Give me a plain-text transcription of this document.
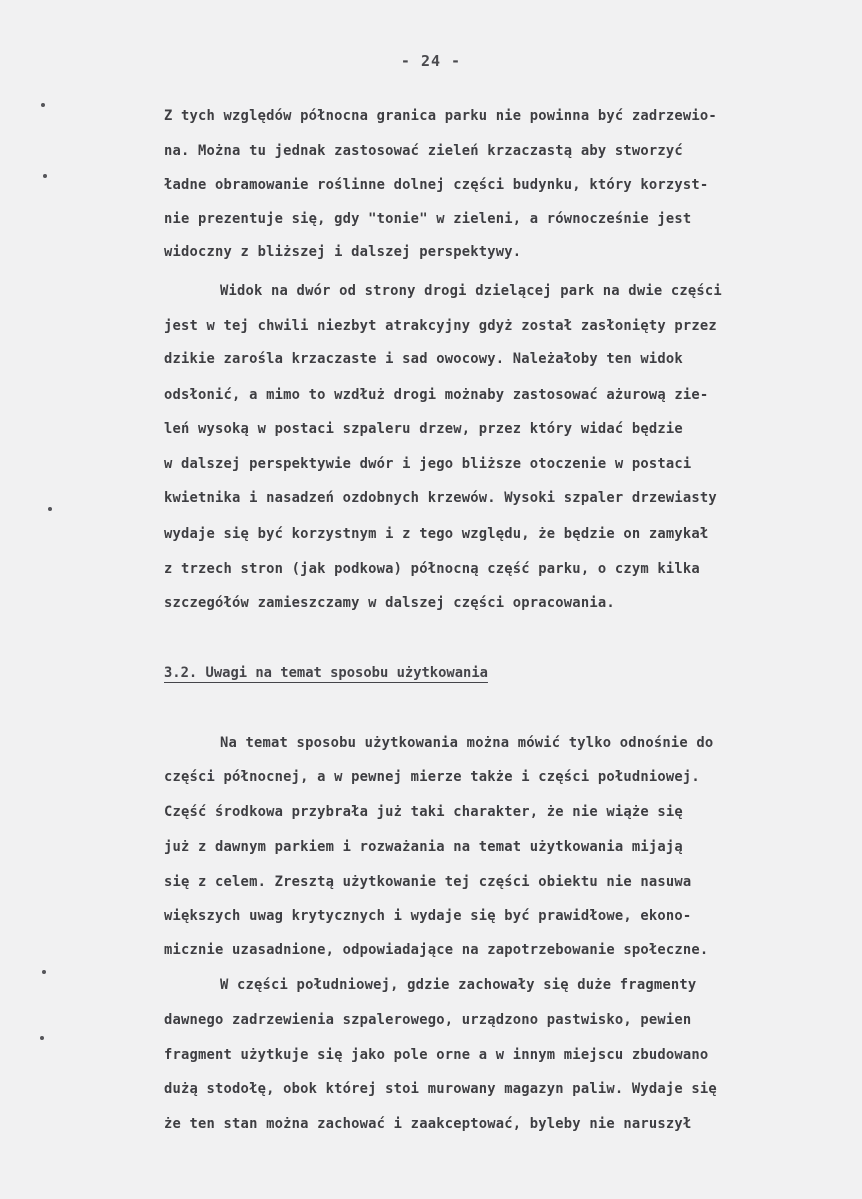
- 24 -
Z tych względów północna granica parku nie powinna być zadrzewio-
na. Można tu jednak zastosować zieleń krzaczastą aby stworzyć
ładne obramowanie roślinne dolnej części budynku, który korzyst-
nie prezentuje się, gdy "tonie" w zieleni, a równocześnie jest
widoczny z bliższej i dalszej perspektywy.
Widok na dwór od strony drogi dzielącej park na dwie części
jest w tej chwili niezbyt atrakcyjny gdyż został zasłonięty przez
dzikie zarośla krzaczaste i sad owocowy. Należałoby ten widok
odsłonić, a mimo to wzdłuż drogi możnaby zastosować ażurową zie-
leń wysoką w postaci szpaleru drzew, przez który widać będzie
w dalszej perspektywie dwór i jego bliższe otoczenie w postaci
kwietnika i nasadzeń ozdobnych krzewów. Wysoki szpaler drzewiasty
wydaje się być korzystnym i z tego względu, że będzie on zamykał
z trzech stron (jak podkowa) północną część parku, o czym kilka
szczegółów zamieszczamy w dalszej części opracowania.
3.2. Uwagi na temat sposobu użytkowania
Na temat sposobu użytkowania można mówić tylko odnośnie do
części północnej, a w pewnej mierze także i części południowej.
Część środkowa przybrała już taki charakter, że nie wiąże się
już z dawnym parkiem i rozważania na temat użytkowania mijają
się z celem. Zresztą użytkowanie tej części obiektu nie nasuwa
większych uwag krytycznych i wydaje się być prawidłowe, ekono-
micznie uzasadnione, odpowiadające na zapotrzebowanie społeczne.
W części południowej, gdzie zachowały się duże fragmenty
dawnego zadrzewienia szpalerowego, urządzono pastwisko, pewien
fragment użytkuje się jako pole orne a w innym miejscu zbudowano
dużą stodołę, obok której stoi murowany magazyn paliw. Wydaje się
że ten stan można zachować i zaakceptować, byleby nie naruszył
